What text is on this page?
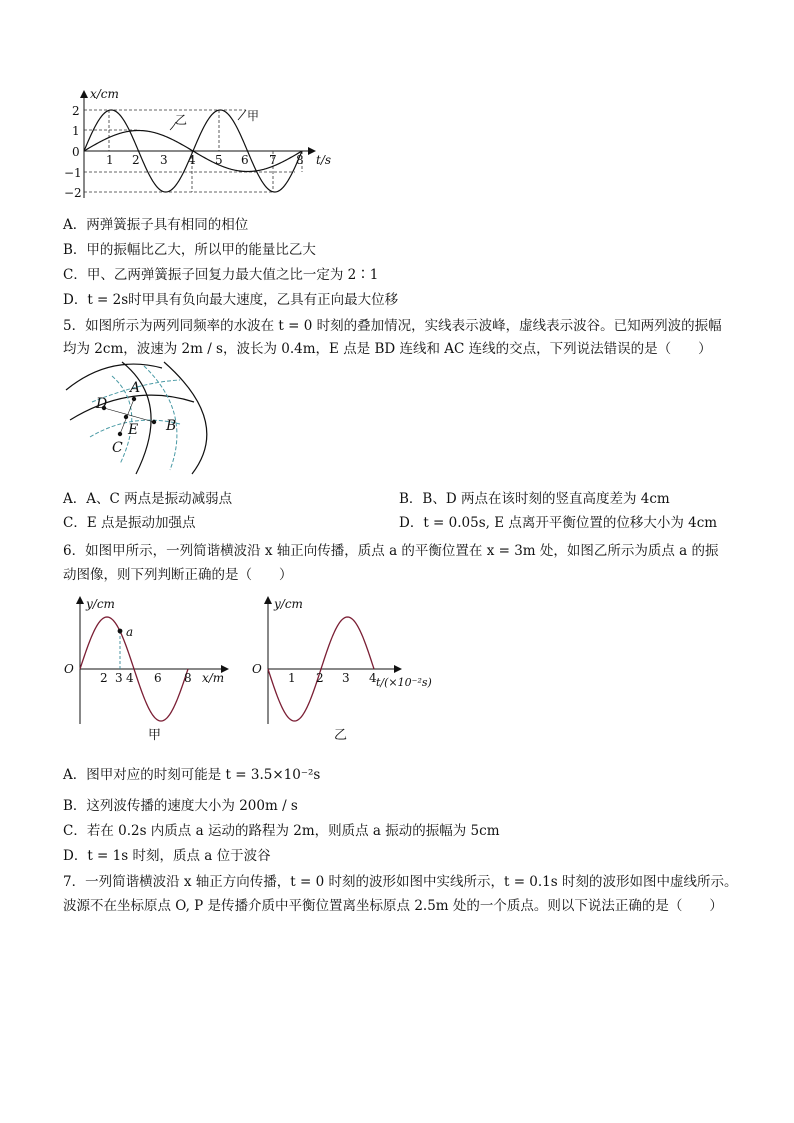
x/cm
t/s
0
2
1
−1
−2
1 2 3 4 5 6 7 8
甲
乙
A．两弹簧振子具有相同的相位
B．甲的振幅比乙大，所以甲的能量比乙大
C．甲、乙两弹簧振子回复力最大值之比一定为 2∶1
D．t = 2s时甲具有负向最大速度，乙具有正向最大位移
5．如图所示为两列同频率的水波在 t = 0 时刻的叠加情况，实线表示波峰，虚线表示波谷。已知两列波的振幅
均为 2cm，波速为 2m / s，波长为 0.4m，E 点是 BD 连线和 AC 连线的交点，下列说法错误的是（　　）
A
B
C
D
E
A．A、C 两点是振动减弱点	B．B、D 两点在该时刻的竖直高度差为 4cm
C．E 点是振动加强点	D．t = 0.05s, E 点离开平衡位置的位移大小为 4cm
6．如图甲所示，一列简谐横波沿 x 轴正向传播，质点 a 的平衡位置在 x = 3m 处，如图乙所示为质点 a 的振
动图像，则下列判断正确的是（　　）
y/cm
O
a
2 3 4 6 8 x/m
甲
y/cm
O
1 2 3 4 t/(×10⁻²s)
乙
A．图甲对应的时刻可能是 t = 3.5×10⁻²s
B．这列波传播的速度大小为 200m / s
C．若在 0.2s 内质点 a 运动的路程为 2m，则质点 a 振动的振幅为 5cm
D．t = 1s 时刻，质点 a 位于波谷
7．一列简谐横波沿 x 轴正方向传播，t = 0 时刻的波形如图中实线所示，t = 0.1s 时刻的波形如图中虚线所示。
波源不在坐标原点 O, P 是传播介质中平衡位置离坐标原点 2.5m 处的一个质点。则以下说法正确的是（　　）
